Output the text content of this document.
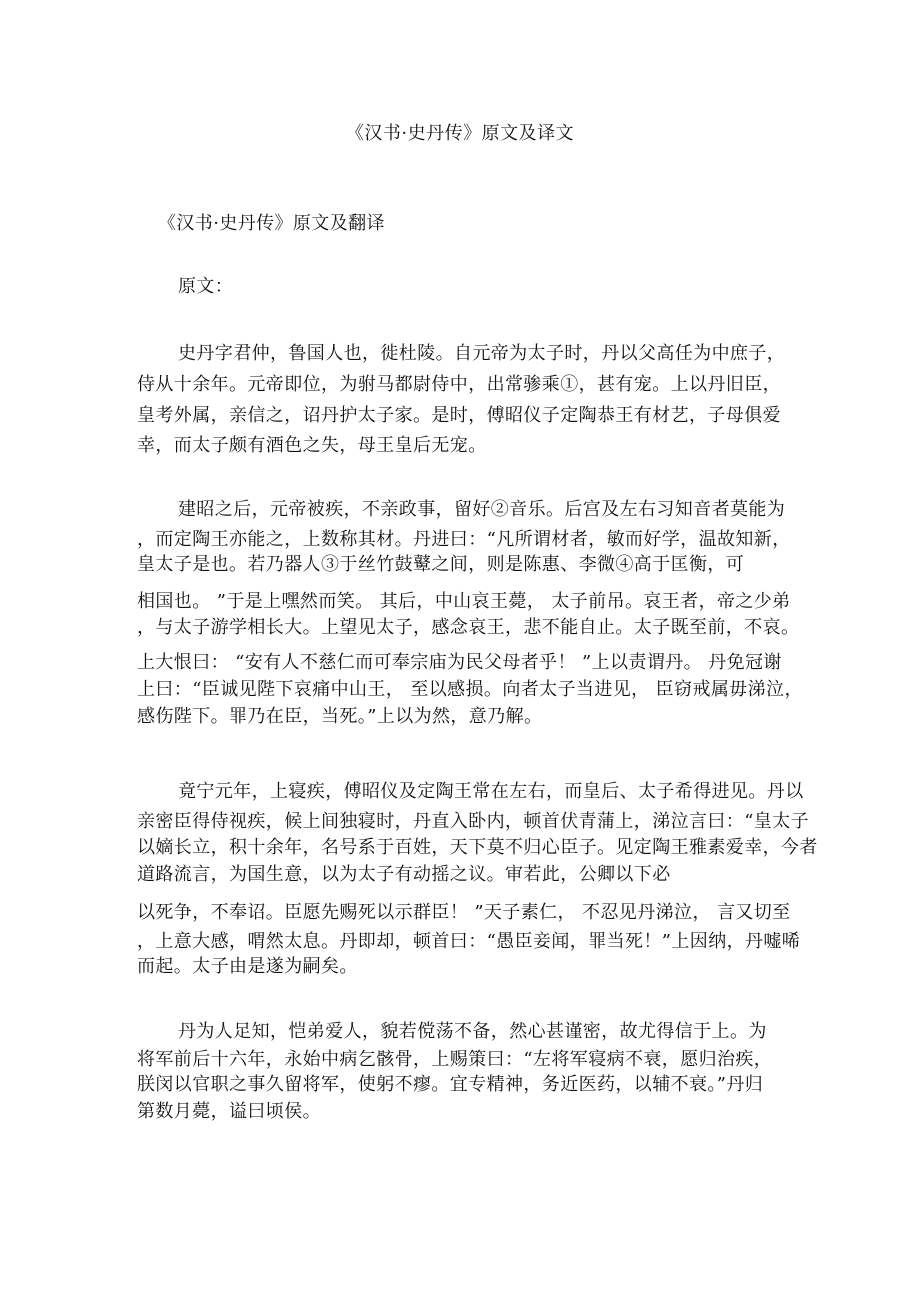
《汉书·史丹传》原文及译文
《汉书·史丹传》原文及翻译
原文：
史丹字君仲，鲁国人也，徙杜陵。自元帝为太子时，丹以父高任为中庶子，
侍从十余年。元帝即位，为驸马都尉侍中，出常骖乘①，甚有宠。上以丹旧臣，
皇考外属，亲信之，诏丹护太子家。是时，傅昭仪子定陶恭王有材艺，子母俱爱
幸，而太子颇有酒色之失，母王皇后无宠。
建昭之后，元帝被疾，不亲政事，留好②音乐。后宫及左右习知音者莫能为
，而定陶王亦能之，上数称其材。丹进曰：“凡所谓材者，敏而好学，温故知新，
皇太子是也。若乃器人③于丝竹鼓鼙之间，则是陈惠、李微④高于匡衡，可
相国也。 ”于是上嘿然而笑。 其后，中山哀王薨， 太子前吊。哀王者，帝之少弟
，与太子游学相长大。上望见太子，感念哀王，悲不能自止。太子既至前，不哀。
上大恨曰： “安有人不慈仁而可奉宗庙为民父母者乎！ ”上以责谓丹。 丹免冠谢
上曰：“臣诚见陛下哀痛中山王， 至以感损。向者太子当进见， 臣窃戒属毋涕泣，
感伤陛下。罪乃在臣，当死。”上以为然，意乃解。
竟宁元年，上寝疾，傅昭仪及定陶王常在左右，而皇后、太子希得进见。丹以
亲密臣得侍视疾，候上间独寝时，丹直入卧内，顿首伏青蒲上，涕泣言曰：“皇太子
以嫡长立，积十余年，名号系于百姓，天下莫不归心臣子。见定陶王雅素爱幸，今者
道路流言，为国生意，以为太子有动摇之议。审若此，公卿以下必
以死争，不奉诏。臣愿先赐死以示群臣！ ”天子素仁， 不忍见丹涕泣， 言又切至
，上意大感，喟然太息。丹即却，顿首曰：“愚臣妾闻，罪当死！”上因纳，丹嘘唏
而起。太子由是遂为嗣矣。
丹为人足知，恺弟爱人，貌若傥荡不备，然心甚谨密，故尤得信于上。为
将军前后十六年，永始中病乞骸骨，上赐策曰：“左将军寝病不衰，愿归治疾，
朕闵以官职之事久留将军，使躬不瘳。宜专精神，务近医药，以辅不衰。”丹归
第数月薨，谥曰顷侯。
